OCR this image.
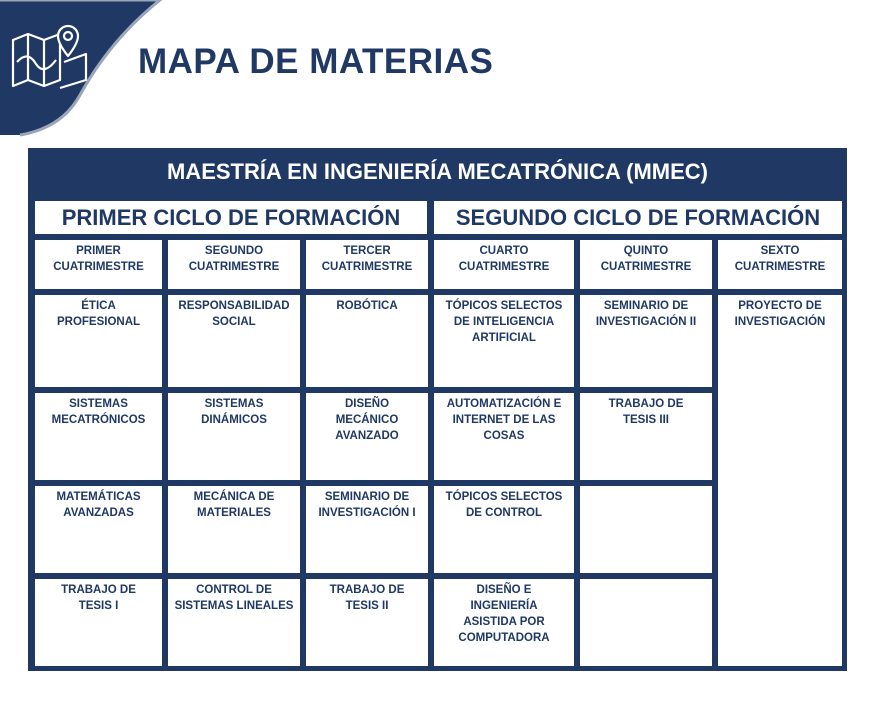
MAPA DE MATERIAS
MAESTRÍA EN INGENIERÍA MECATRÓNICA (MMEC)
PRIMER CICLO DE FORMACIÓN	SEGUNDO CICLO DE FORMACIÓN
PRIMER
CUATRIMESTRE
SEGUNDO
CUATRIMESTRE
TERCER
CUATRIMESTRE
CUARTO
CUATRIMESTRE
QUINTO
CUATRIMESTRE
SEXTO
CUATRIMESTRE
ÉTICA
PROFESIONAL
SISTEMAS
MECATRÓNICOS
MATEMÁTICAS
AVANZADAS
TRABAJO DE
TESIS I
RESPONSABILIDAD
SOCIAL
SISTEMAS
DINÁMICOS
MECÁNICA DE
MATERIALES
CONTROL DE
SISTEMAS LINEALES
ROBÓTICA
DISEÑO
MECÁNICO
AVANZADO
SEMINARIO DE
INVESTIGACIÓN I
TRABAJO DE
TESIS II
TÓPICOS SELECTOS
DE INTELIGENCIA
ARTIFICIAL
AUTOMATIZACIÓN E
INTERNET DE LAS
COSAS
TÓPICOS SELECTOS
DE CONTROL
DISEÑO E
INGENIERÍA
ASISTIDA POR
COMPUTADORA
SEMINARIO DE
INVESTIGACIÓN II
TRABAJO DE
TESIS III
PROYECTO DE
INVESTIGACIÓN
